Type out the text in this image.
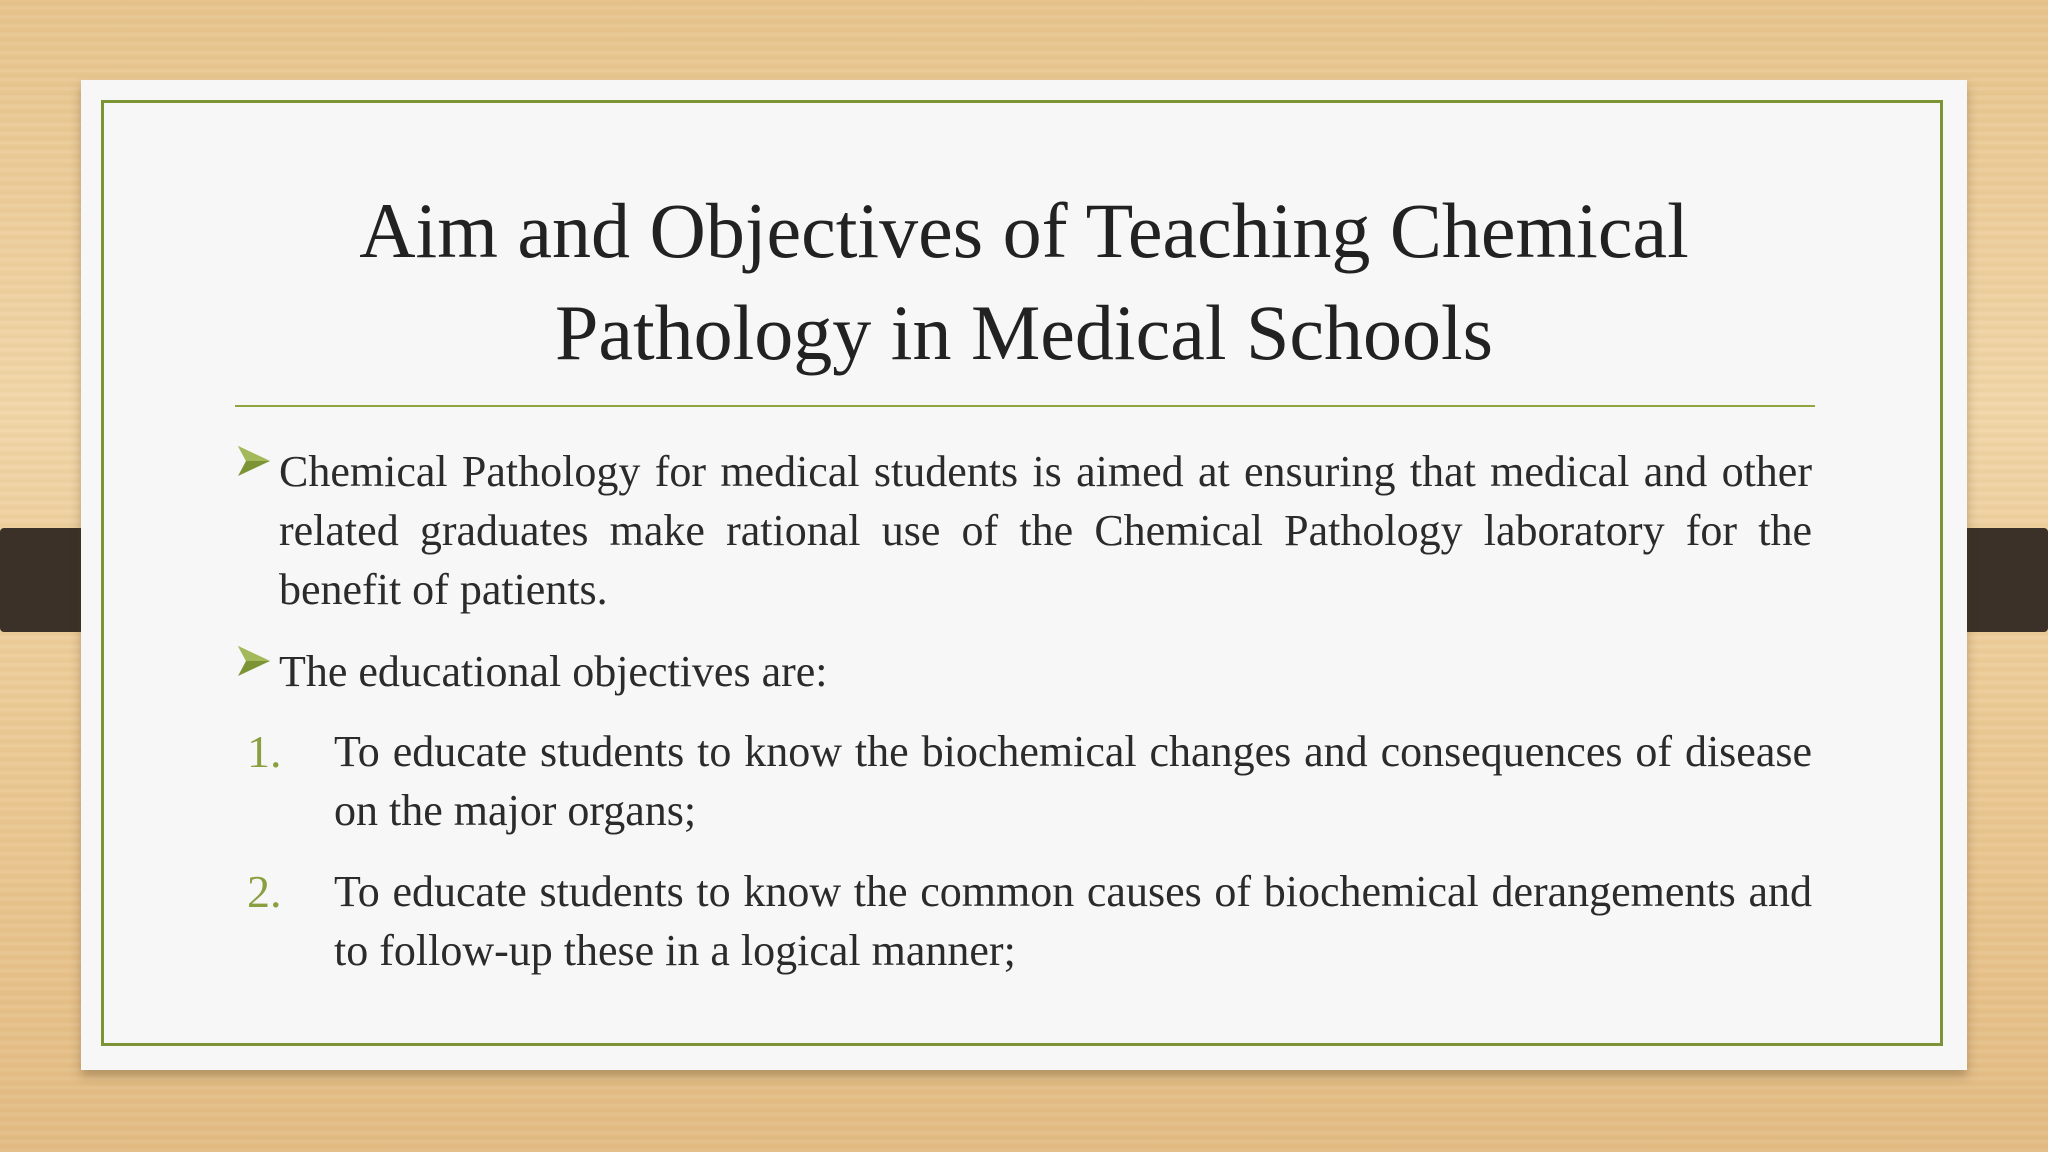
Aim and Objectives of Teaching Chemical Pathology in Medical Schools

Chemical Pathology for medical students is aimed at ensuring that medical and other related graduates make rational use of the Chemical Pathology laboratory for the benefit of patients.

The educational objectives are:

1. To educate students to know the biochemical changes and consequences of disease on the major organs;

2. To educate students to know the common causes of biochemical derangements and to follow-up these in a logical manner;
